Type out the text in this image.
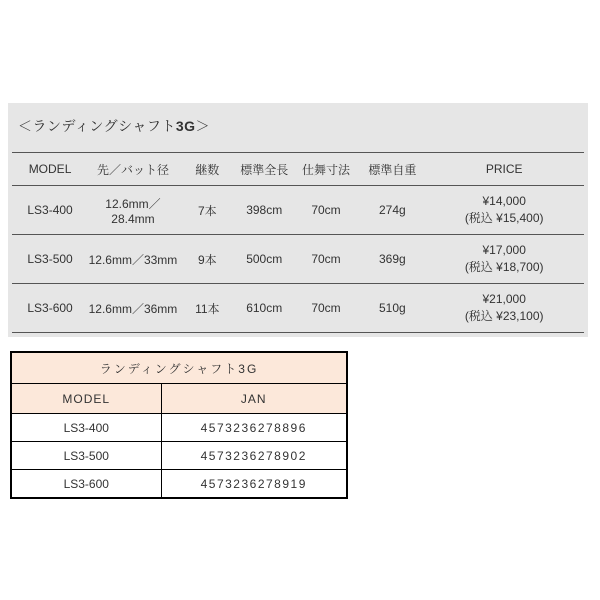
＜ランディングシャフト3G＞
MODEL	先／バット径	継数	標準全長	仕舞寸法	標準自重	PRICE
LS3-400	12.6mm／28.4mm	7本	398cm	70cm	274g	¥14,000
(税込 ¥15,400)

LS3-500	12.6mm／33mm	9本	500cm	70cm	369g	¥17,000
(税込 ¥18,700)

LS3-600	12.6mm／36mm	11本	610cm	70cm	510g	¥21,000
(税込 ¥23,100)
ランディングシャフト3G	
MODEL	JAN
LS3-400	4573236278896
LS3-500	4573236278902
LS3-600	4573236278919
